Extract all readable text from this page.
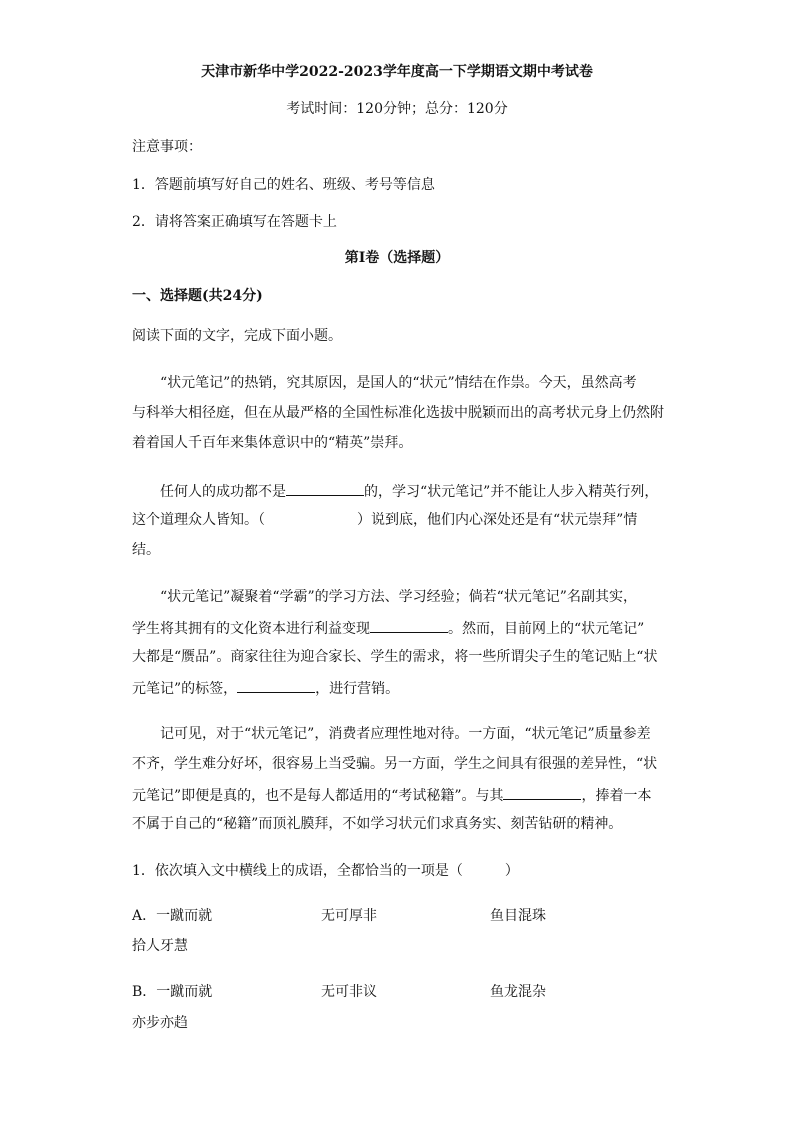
天津市新华中学2022-2023学年度高一下学期语文期中考试卷
考试时间：120分钟；总分：120分
注意事项：
1．答题前填写好自己的姓名、班级、考号等信息
2．请将答案正确填写在答题卡上
第I卷（选择题）
一、选择题(共24分)
阅读下面的文字，完成下面小题。
“状元笔记”的热销，究其原因，是国人的“状元”情结在作祟。今天，虽然高考
与科举大相径庭，但在从最严格的全国性标准化选拔中脱颖而出的高考状元身上仍然附
着着国人千百年来集体意识中的“精英”崇拜。
任何人的成功都不是	的，学习“状元笔记”并不能让人步入精英行列，
这个道理众人皆知。（	）说到底，他们内心深处还是有“状元崇拜”情
结。
“状元笔记”凝聚着“学霸”的学习方法、学习经验；倘若“状元笔记”名副其实，
学生将其拥有的文化资本进行利益变现	。然而，目前网上的“状元笔记”
大都是“赝品”。商家往往为迎合家长、学生的需求，将一些所谓尖子生的笔记贴上“状
元笔记”的标签，	，进行营销。
记可见，对于“状元笔记”，消费者应理性地对待。一方面，“状元笔记”质量参差
不齐，学生难分好坏，很容易上当受骗。另一方面，学生之间具有很强的差异性，“状
元笔记”即便是真的，也不是每人都适用的“考试秘籍”。与其	，捧着一本
不属于自己的“秘籍”而顶礼膜拜，不如学习状元们求真务实、刻苦钻研的精神。
1．依次填入文中横线上的成语，全都恰当的一项是（　　　）
A．一蹴而就	无可厚非	鱼目混珠
拾人牙慧
B．一蹴而就	无可非议	鱼龙混杂
亦步亦趋
